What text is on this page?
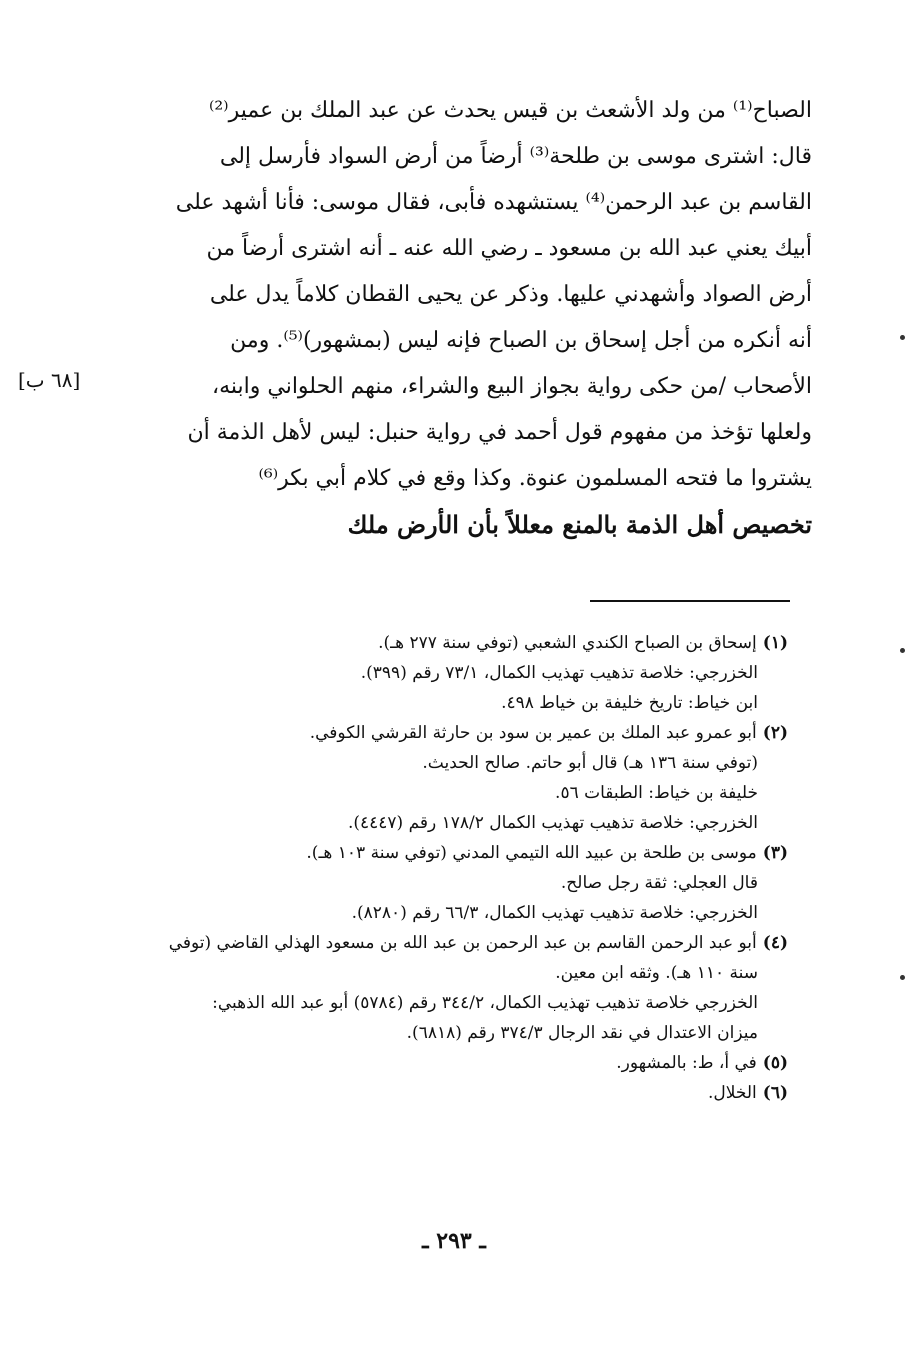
الصباح⁽¹⁾ من ولد الأشعث بن قيس يحدث عن عبد الملك بن عمير⁽²⁾
قال: اشترى موسى بن طلحة⁽³⁾ أرضاً من أرض السواد فأرسل إلى
القاسم بن عبد الرحمن⁽⁴⁾ يستشهده فأبى، فقال موسى: فأنا أشهد على
أبيك يعني عبد الله بن مسعود ـ رضي الله عنه ـ أنه اشترى أرضاً من
أرض الصواد وأشهدني عليها. وذكر عن يحيى القطان كلاماً يدل على
أنه أنكره من أجل إسحاق بن الصباح فإنه ليس (بمشهور)⁽⁵⁾. ومن
الأصحاب /من حكى رواية بجواز البيع والشراء، منهم الحلواني وابنه،
ولعلها تؤخذ من مفهوم قول أحمد في رواية حنبل: ليس لأهل الذمة أن
يشتروا ما فتحه المسلمون عنوة. وكذا وقع في كلام أبي بكر⁽⁶⁾
تخصيص أهل الذمة بالمنع معللاً بأن الأرض ملك
[٦٨ ب]
(١)إسحاق بن الصباح الكندي الشعبي (توفي سنة ٢٧٧ هـ).
الخزرجي: خلاصة تذهيب تهذيب الكمال، ٧٣/١ رقم (٣٩٩).
ابن خياط: تاريخ خليفة بن خياط ٤٩٨.
(٢)أبو عمرو عبد الملك بن عمير بن سود بن حارثة القرشي الكوفي.
(توفي سنة ١٣٦ هـ) قال أبو حاتم. صالح الحديث.
خليفة بن خياط: الطبقات ٥٦.
الخزرجي: خلاصة تذهيب تهذيب الكمال ١٧٨/٢ رقم (٤٤٤٧).
(٣)موسى بن طلحة بن عبيد الله التيمي المدني (توفي سنة ١٠٣ هـ).
قال العجلي: ثقة رجل صالح.
الخزرجي: خلاصة تذهيب تهذيب الكمال، ٦٦/٣ رقم (٨٢٨٠).
(٤)أبو عبد الرحمن القاسم بن عبد الرحمن بن عبد الله بن مسعود الهذلي القاضي (توفي
سنة ١١٠ هـ). وثقه ابن معين.
الخزرجي خلاصة تذهيب تهذيب الكمال، ٣٤٤/٢ رقم (٥٧٨٤) أبو عبد الله الذهبي:
ميزان الاعتدال في نقد الرجال ٣٧٤/٣ رقم (٦٨١٨).
(٥)في أ، ط: بالمشهور.
(٦)الخلال.
ـ ٢٩٣ ـ
